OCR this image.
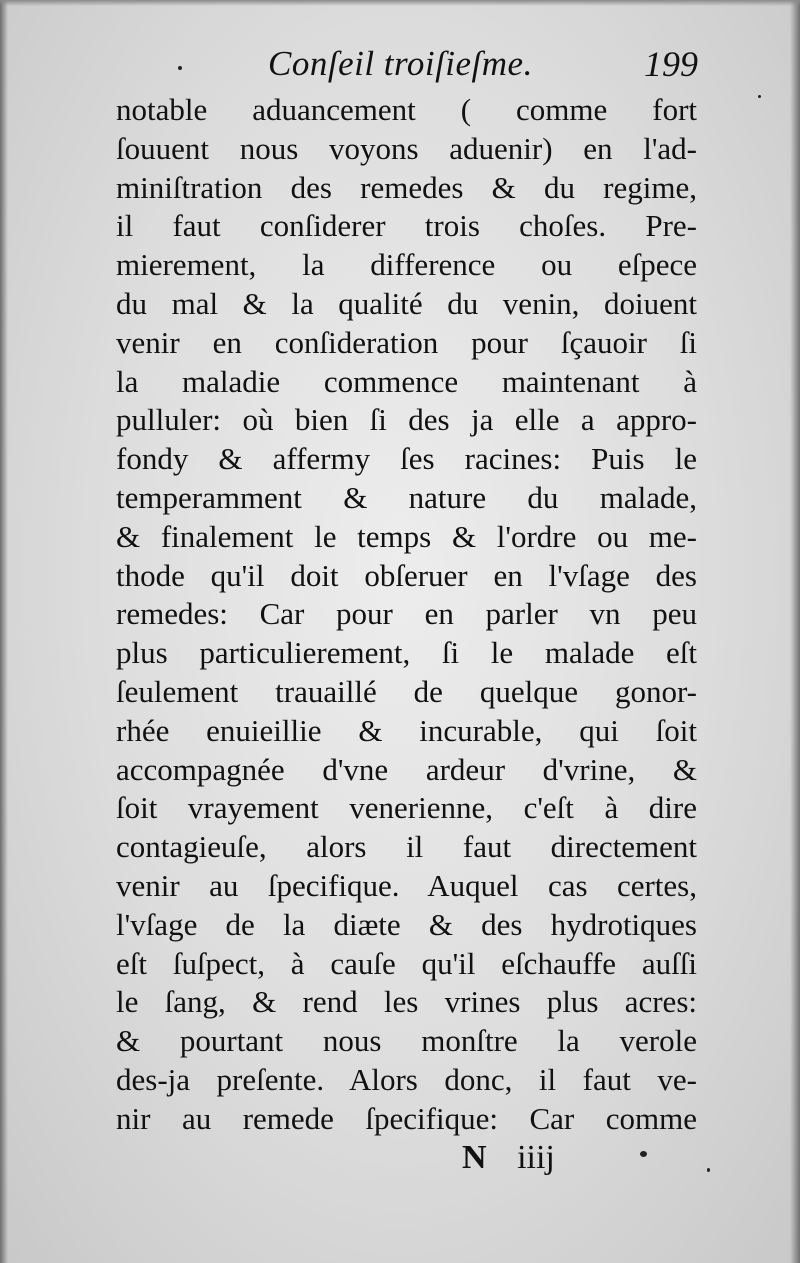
Conſeil troiſieſme.	199
notable aduancement ( comme fort
ſouuent nous voyons aduenir) en l'ad-
miniſtration des remedes & du regime,
il faut conſiderer trois choſes. Pre-
mierement, la difference ou eſpece
du mal & la qualité du venin, doiuent
venir en conſideration pour ſçauoir ſi
la maladie commence maintenant à
pulluler: où bien ſi des ja elle a appro-
fondy & affermy ſes racines: Puis le
temperamment & nature du malade,
& finalement le temps & l'ordre ou me-
thode qu'il doit obſeruer en l'vſage des
remedes: Car pour en parler vn peu
plus particulierement, ſi le malade eſt
ſeulement trauaillé de quelque gonor-
rhée enuieillie & incurable, qui ſoit
accompagnée d'vne ardeur d'vrine, &
ſoit vrayement venerienne, c'eſt à dire
contagieuſe, alors il faut directement
venir au ſpecifique. Auquel cas certes,
l'vſage de la diæte & des hydrotiques
eſt ſuſpect, à cauſe qu'il eſchauffe auſſi
le ſang, & rend les vrines plus acres:
& pourtant nous monſtre la verole
des-ja preſente. Alors donc, il faut ve-
nir au remede ſpecifique: Car comme
N iiij
